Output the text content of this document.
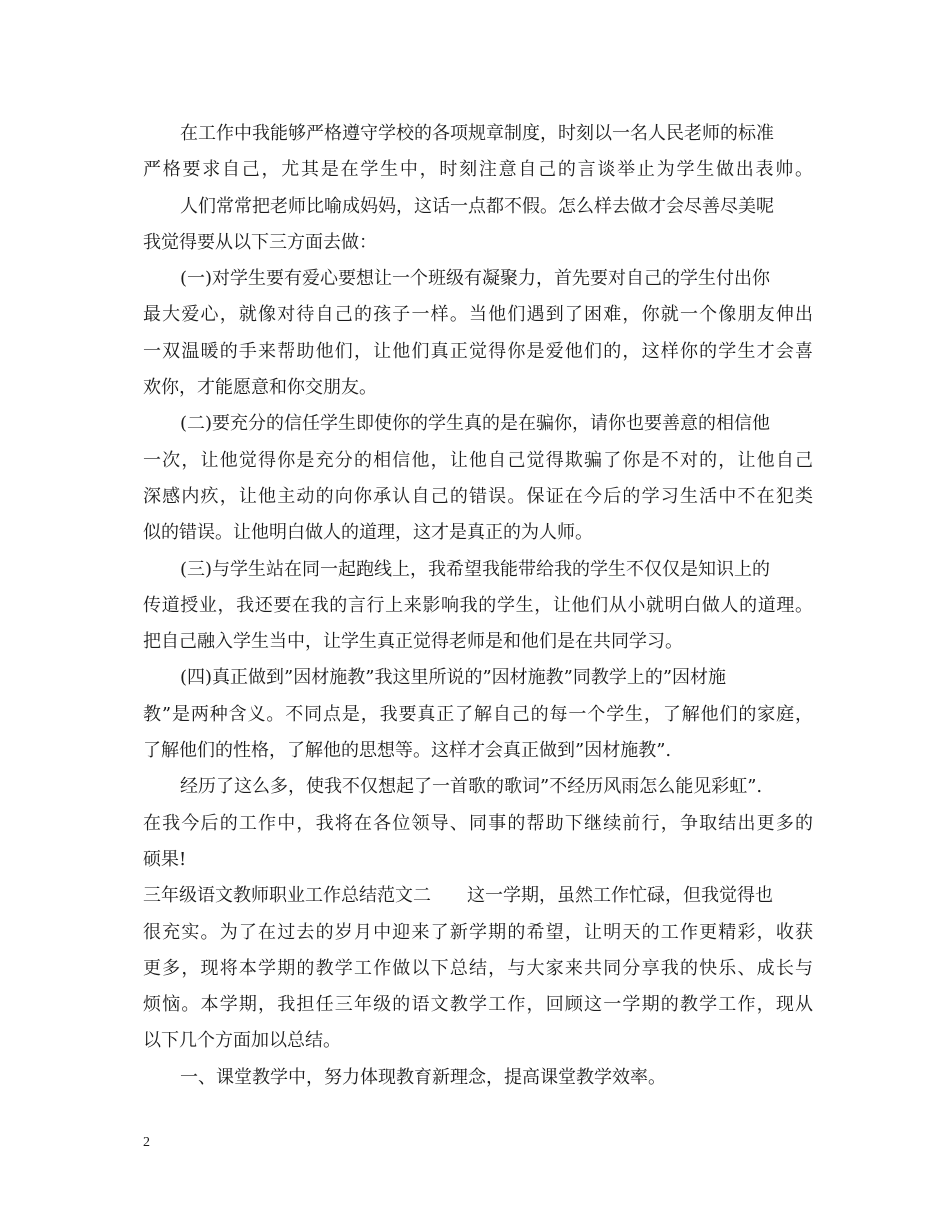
在工作中我能够严格遵守学校的各项规章制度，时刻以一名人民老师的标准
严格要求自己，尤其是在学生中，时刻注意自己的言谈举止为学生做出表帅。
人们常常把老师比喻成妈妈，这话一点都不假。怎么样去做才会尽善尽美呢
我觉得要从以下三方面去做：
(一)对学生要有爱心要想让一个班级有凝聚力，首先要对自己的学生付出你
最大爱心，就像对待自己的孩子一样。当他们遇到了困难，你就一个像朋友伸出
一双温暖的手来帮助他们，让他们真正觉得你是爱他们的，这样你的学生才会喜
欢你，才能愿意和你交朋友。
(二)要充分的信任学生即使你的学生真的是在骗你，请你也要善意的相信他
一次，让他觉得你是充分的相信他，让他自己觉得欺骗了你是不对的，让他自己
深感内疚，让他主动的向你承认自己的错误。保证在今后的学习生活中不在犯类
似的错误。让他明白做人的道理，这才是真正的为人师。
(三)与学生站在同一起跑线上，我希望我能带给我的学生不仅仅是知识上的
传道授业，我还要在我的言行上来影响我的学生，让他们从小就明白做人的道理。
把自己融入学生当中，让学生真正觉得老师是和他们是在共同学习。
(四)真正做到”因材施教”我这里所说的”因材施教”同教学上的”因材施
教”是两种含义。不同点是，我要真正了解自己的每一个学生，了解他们的家庭，
了解他们的性格，了解他的思想等。这样才会真正做到”因材施教”.
经历了这么多，使我不仅想起了一首歌的歌词”不经历风雨怎么能见彩虹”.
在我今后的工作中，我将在各位领导、同事的帮助下继续前行，争取结出更多的
硕果!
三年级语文教师职业工作总结范文二　　这一学期，虽然工作忙碌，但我觉得也
很充实。为了在过去的岁月中迎来了新学期的希望，让明天的工作更精彩，收获
更多，现将本学期的教学工作做以下总结，与大家来共同分享我的快乐、成长与
烦恼。本学期，我担任三年级的语文教学工作，回顾这一学期的教学工作，现从
以下几个方面加以总结。
一、课堂教学中，努力体现教育新理念，提高课堂教学效率。
2
